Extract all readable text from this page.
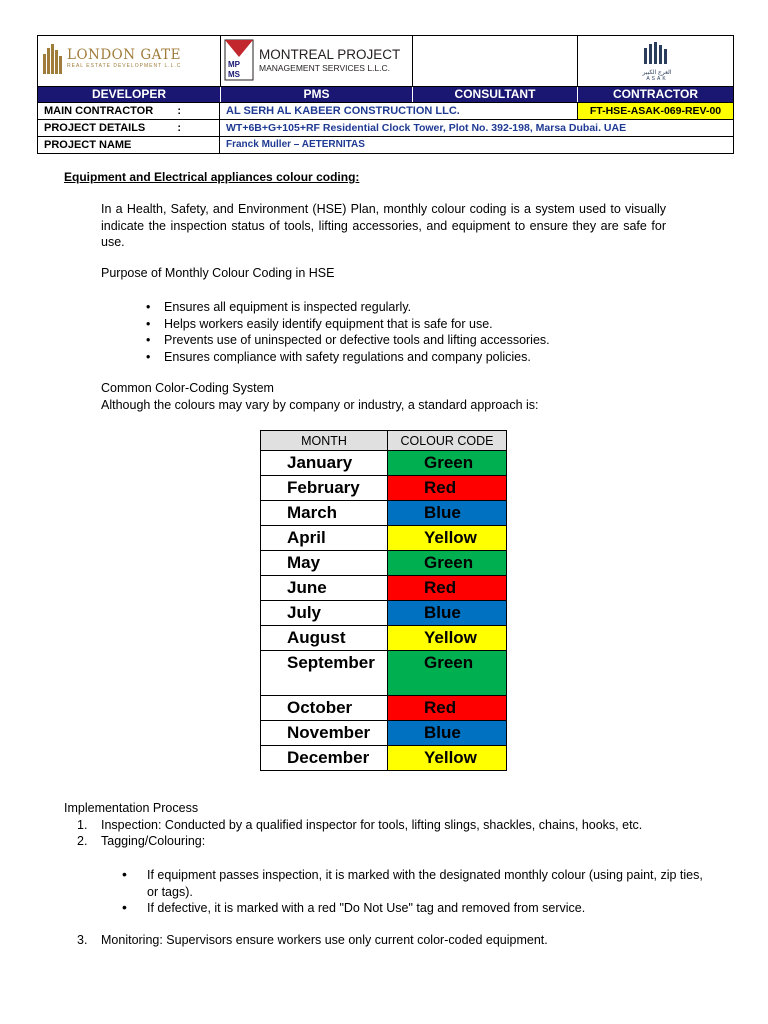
LONDON GATE
REAL ESTATE DEVELOPMENT L.L.C	MP
MS
MONTREAL PROJECT
MANAGEMENT SERVICES L.L.C.
العرج الكبير
ASAK
DEVELOPER	PMS	CONSULTANT	CONTRACTOR
MAIN CONTRACTOR :	AL SERH AL KABEER CONSTRUCTION LLC.	FT-HSE-ASAK-069-REV-00
PROJECT DETAILS	:	WT+6B+G+105+RF Residential Clock Tower, Plot No. 392-198, Marsa Dubai. UAE
PROJECT NAME	Franck Muller – AETERNITAS
Equipment and Electrical appliances colour coding:
In a Health, Safety, and Environment (HSE) Plan, monthly colour coding is a system used to visually indicate the inspection status of tools, lifting accessories, and equipment to ensure they are safe for use.
Purpose of Monthly Colour Coding in HSE
• Ensures all equipment is inspected regularly.
• Helps workers easily identify equipment that is safe for use.
• Prevents use of uninspected or defective tools and lifting accessories.
• Ensures compliance with safety regulations and company policies.
Common Color-Coding System
Although the colours may vary by company or industry, a standard approach is:
MONTH	COLOUR CODE
January	Green
February	Red
March	Blue
April	Yellow
May	Green
June	Red
July	Blue
August	Yellow
September	Green
October	Red
November	Blue
December	Yellow
Implementation Process
1. Inspection: Conducted by a qualified inspector for tools, lifting slings, shackles, chains, hooks, etc.
2. Tagging/Colouring:
• If equipment passes inspection, it is marked with the designated monthly colour (using paint, zip ties, or tags).
• If defective, it is marked with a red "Do Not Use" tag and removed from service.
3. Monitoring: Supervisors ensure workers use only current color-coded equipment.
